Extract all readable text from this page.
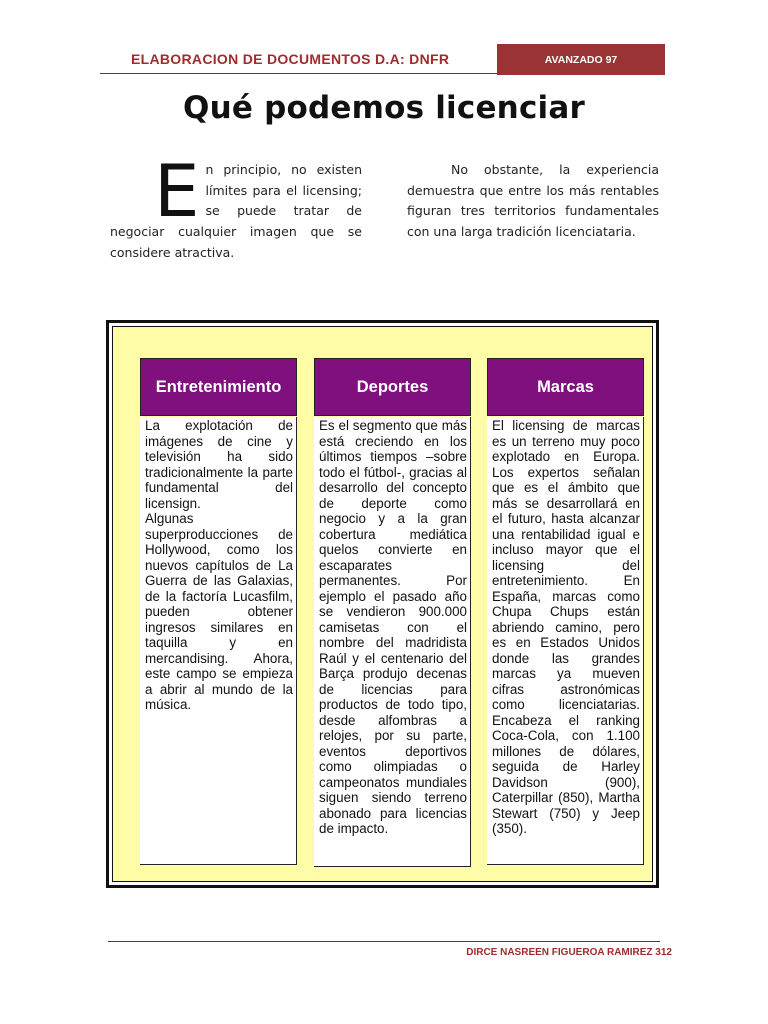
ELABORACION DE DOCUMENTOS D.A: DNFR	AVANZADO 97
Qué podemos licenciar
En principio, no existen límites para el licensing; se puede tratar de negociar cualquier imagen que se considere atractiva.
No obstante, la experiencia demuestra que entre los más rentables figuran tres territorios fundamentales con una larga tradición licenciataria.
Entretenimiento

La explotación de imágenes de cine y televisión ha sido tradicionalmente la parte fundamental del licensign.

Algunas superproducciones de Hollywood, como los nuevos capítulos de La Guerra de las Galaxias, de la factoría Lucasfilm, pueden obtener ingresos similares en taquilla y en mercandising. Ahora, este campo se empieza a abrir al mundo de la música.

Deportes

Es el segmento que más está creciendo en los últimos tiempos –sobre todo el fútbol-, gracias al desarrollo del concepto de deporte como negocio y a la gran cobertura mediática quelos convierte en escaparates permanentes. Por ejemplo el pasado año se vendieron 900.000 camisetas con el nombre del madridista Raúl y el centenario del Barça produjo decenas de licencias para productos de todo tipo, desde alfombras a relojes, por su parte, eventos deportivos como olimpiadas o campeonatos mundiales siguen siendo terreno abonado para licencias de impacto.

Marcas

El licensing de marcas es un terreno muy poco explotado en Europa. Los expertos señalan que es el ámbito que más se desarrollará en el futuro, hasta alcanzar una rentabilidad igual e incluso mayor que el licensing del entretenimiento. En España, marcas como Chupa Chups están abriendo camino, pero es en Estados Unidos donde las grandes marcas ya mueven cifras astronómicas como licenciatarias. Encabeza el ranking Coca-Cola, con 1.100 millones de dólares, seguida de Harley Davidson (900), Caterpillar (850), Martha Stewart (750) y Jeep (350).

DIRCE NASREEN FIGUEROA RAMIREZ 312
